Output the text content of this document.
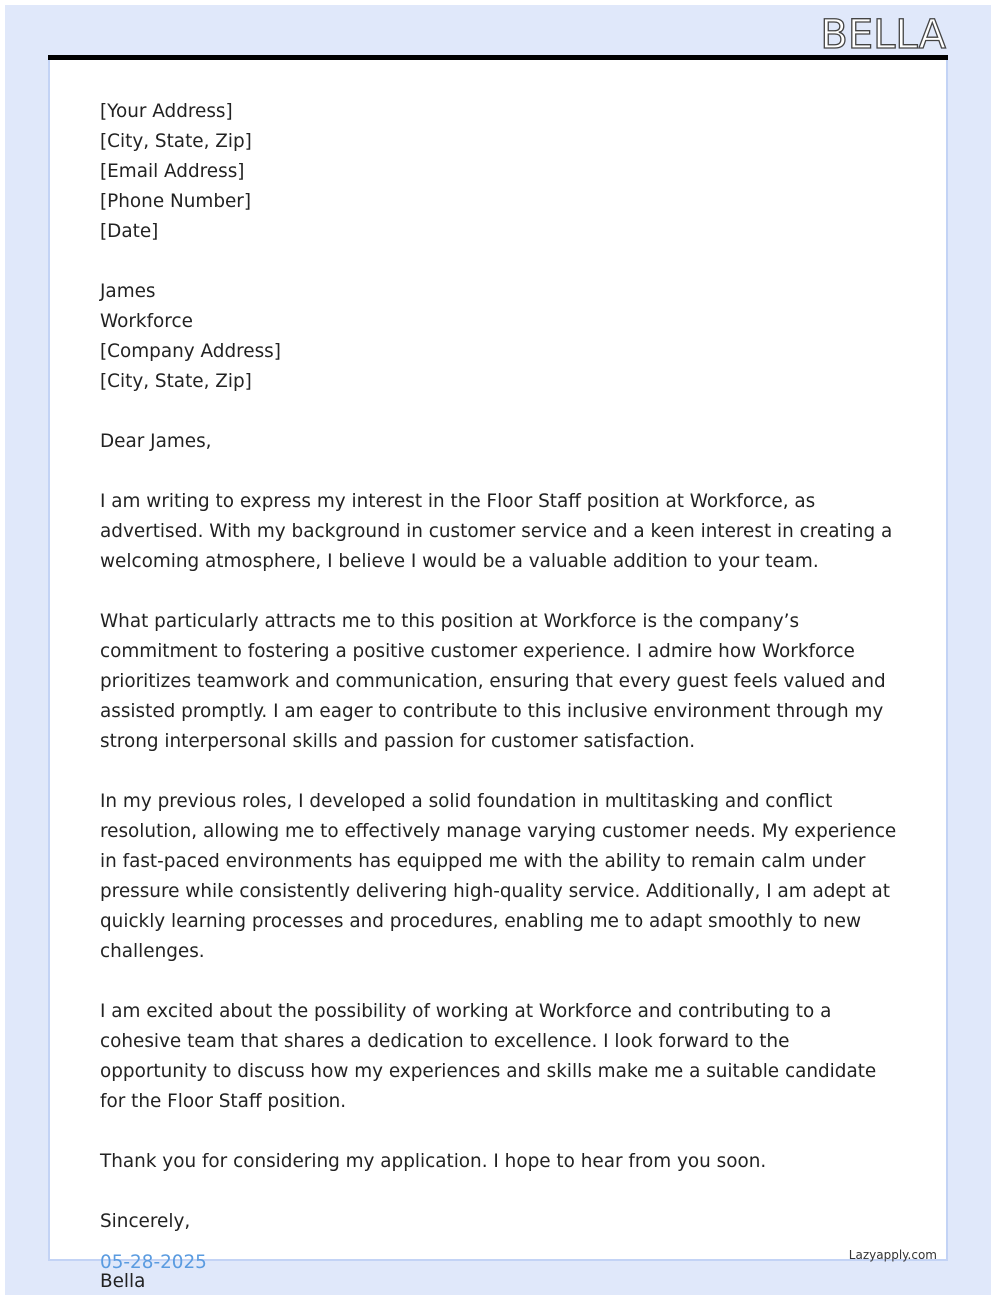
BELLA

[Your Address]

[City, State, Zip]

[Email Address]

[Phone Number]

[Date]

James

Workforce

[Company Address]

[City, State, Zip]

Dear James,

I am writing to express my interest in the Floor Staff position at Workforce, as advertised. With my background in customer service and a keen interest in creating a welcoming atmosphere, I believe I would be a valuable addition to your team.

What particularly attracts me to this position at Workforce is the company’s commitment to fostering a positive customer experience. I admire how Workforce prioritizes teamwork and communication, ensuring that every guest feels valued and assisted promptly. I am eager to contribute to this inclusive environment through my strong interpersonal skills and passion for customer satisfaction.

In my previous roles, I developed a solid foundation in multitasking and conflict resolution, allowing me to effectively manage varying customer needs. My experience in fast-paced environments has equipped me with the ability to remain calm under pressure while consistently delivering high-quality service. Additionally, I am adept at quickly learning processes and procedures, enabling me to adapt smoothly to new challenges.

I am excited about the possibility of working at Workforce and contributing to a cohesive team that shares a dedication to excellence. I look forward to the opportunity to discuss how my experiences and skills make me a suitable candidate for the Floor Staff position.

Thank you for considering my application. I hope to hear from you soon.

Sincerely,

Bella

05-28-2025	Lazyapply.com
